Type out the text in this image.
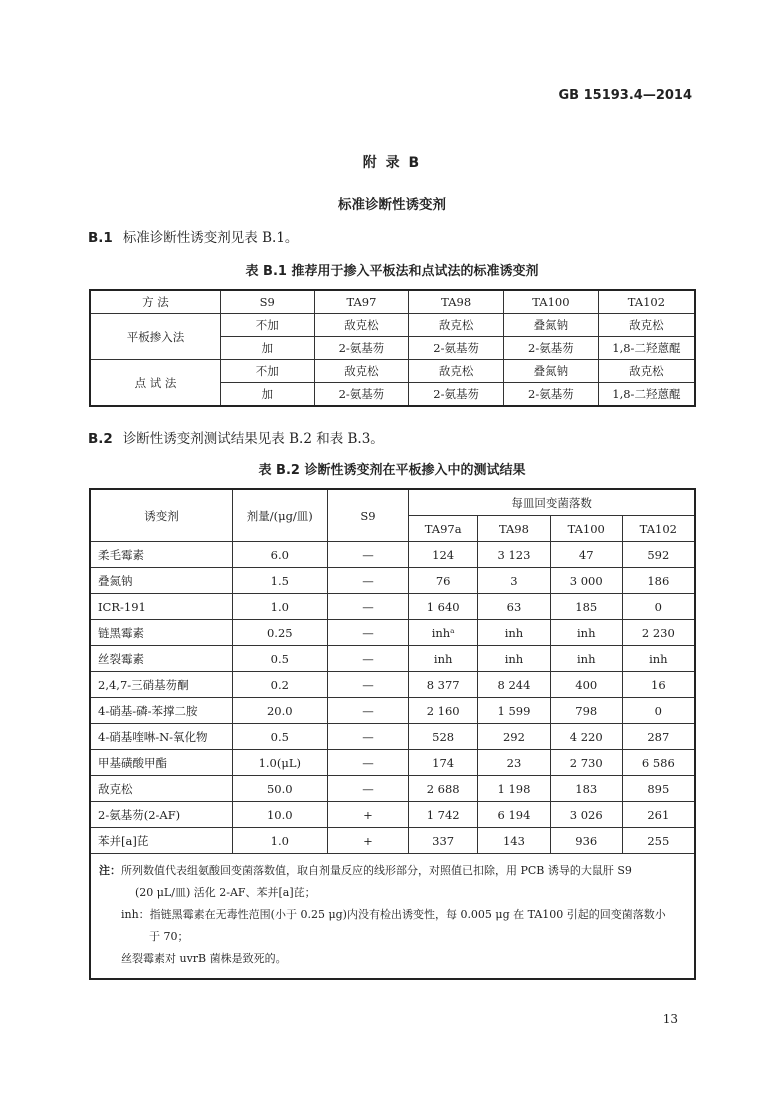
GB 15193.4—2014
附 录 B
标准诊断性诱变剂
B.1 标准诊断性诱变剂见表 B.1。
表 B.1 推荐用于掺入平板法和点试法的标准诱变剂
方 法	S9	TA97	TA98	TA100	TA102
平板掺入法	不加	敌克松	敌克松	叠氮钠	敌克松
	加	2-氨基芴	2-氨基芴	2-氨基芴	1,8-二羟蒽醌
点 试 法	不加	敌克松	敌克松	叠氮钠	敌克松
	加	2-氨基芴	2-氨基芴	2-氨基芴	1,8-二羟蒽醌
B.2 诊断性诱变剂测试结果见表 B.2 和表 B.3。
表 B.2 诊断性诱变剂在平板掺入中的测试结果
诱变剂	剂量/(μg/皿)	S9	每皿回变菌落数			
			TA97a	TA98	TA100	TA102
柔毛霉素	6.0	—	124	3 123	47	592
叠氮钠	1.5	—	76	3	3 000	186
ICR-191	1.0	—	1 640	63	185	0
链黑霉素	0.25	—	inhᵃ	inh	inh	2 230
丝裂霉素	0.5	—	inh	inh	inh	inh
2,4,7-三硝基芴酮	0.2	—	8 377	8 244	400	16
4-硝基-磷-苯撑二胺	20.0	—	2 160	1 599	798	0
4-硝基喹啉-N-氧化物	0.5	—	528	292	4 220	287
甲基磺酸甲酯	1.0(μL)	—	174	23	2 730	6 586
敌克松	50.0	—	2 688	1 198	183	895
2-氨基芴(2-AF)	10.0	+	1 742	6 194	3 026	261
苯并[a]芘	1.0	+	337	143	936	255

注：所列数值代表组氨酸回变菌落数值，取自剂量反应的线形部分，对照值已扣除，用 PCB 诱导的大鼠肝 S9

(20 μL/皿) 活化 2-AF、苯并[a]芘；

inh：指链黑霉素在无毒性范围(小于 0.25 μg)内没有检出诱变性，每 0.005 μg 在 TA100 引起的回变菌落数小

于 70；

丝裂霉素对 uvrB 菌株是致死的。						

13
